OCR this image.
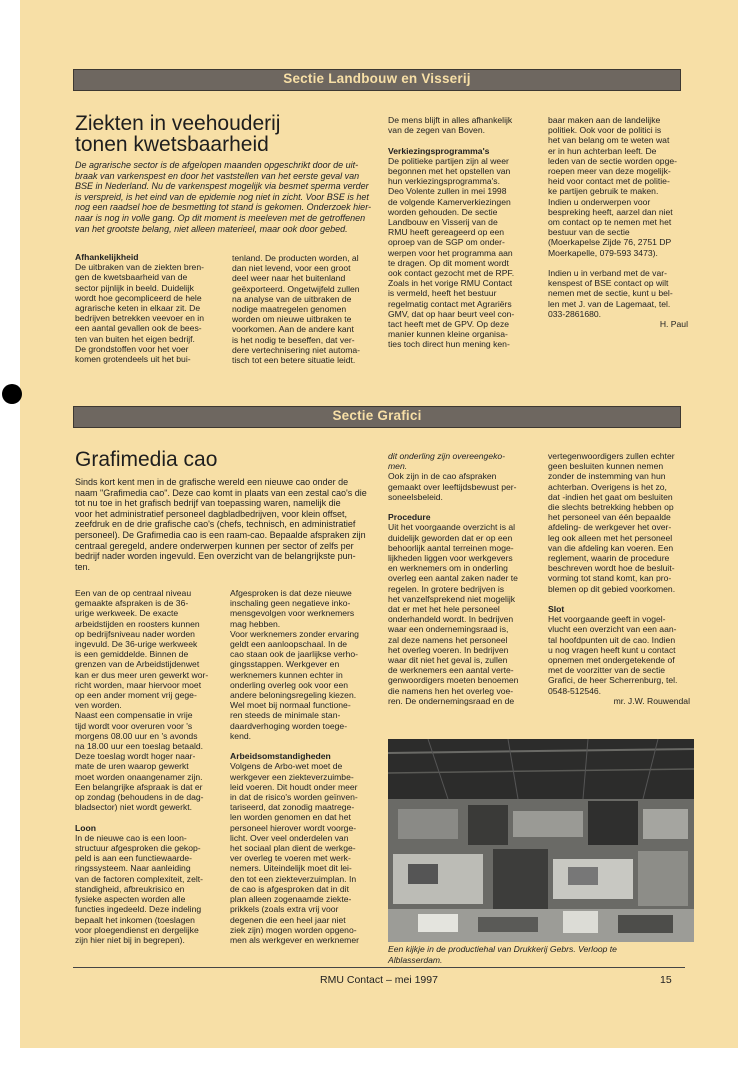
Sectie Landbouw en Visserij
Ziekten in veehouderij
tonen kwetsbaarheid
De agrarische sector is de afgelopen maanden opgeschrikt door de uit-
braak van varkenspest en door het vaststellen van het eerste geval van
BSE in Nederland. Nu de varkenspest mogelijk via besmet sperma verder
is verspreid, is het eind van de epidemie nog niet in zicht. Voor BSE is het
nog een raadsel hoe de besmetting tot stand is gekomen. Onderzoek hier-
naar is nog in volle gang. Op dit moment is meeleven met de getroffenen
van het grootste belang, niet alleen materieel, maar ook door gebed.
Afhankelijkheid
De uitbraken van de ziekten bren-
gen de kwetsbaarheid van de
sector pijnlijk in beeld. Duidelijk
wordt hoe gecompliceerd de hele
agrarische keten in elkaar zit. De
bedrijven betrekken veevoer en in
een aantal gevallen ook de bees-
ten van buiten het eigen bedrijf.
De grondstoffen voor het voer
komen grotendeels uit het bui-
tenland. De producten worden, al
dan niet levend, voor een groot
deel weer naar het buitenland
geëxporteerd. Ongetwijfeld zullen
na analyse van de uitbraken de
nodige maatregelen genomen
worden om nieuwe uitbraken te
voorkomen. Aan de andere kant
is het nodig te beseffen, dat ver-
dere vertechnisering niet automa-
tisch tot een betere situatie leidt.
De mens blijft in alles afhankelijk
van de zegen van Boven.

Verkiezingsprogramma's
De politieke partijen zijn al weer
begonnen met het opstellen van
hun verkiezingsprogramma's.
Deo Volente zullen in mei 1998
de volgende Kamerverkiezingen
worden gehouden. De sectie
Landbouw en Visserij van de
RMU heeft gereageerd op een
oproep van de SGP om onder-
werpen voor het programma aan
te dragen. Op dit moment wordt
ook contact gezocht met de RPF.
Zoals in het vorige RMU Contact
is vermeld, heeft het bestuur
regelmatig contact met Agrariërs
GMV, dat op haar beurt veel con-
tact heeft met de GPV. Op deze
manier kunnen kleine organisa-
ties toch direct hun mening ken-
baar maken aan de landelijke
politiek. Ook voor de politici is
het van belang om te weten wat
er in hun achterban leeft. De
leden van de sectie worden opge-
roepen meer van deze mogelijk-
heid voor contact met de politie-
ke partijen gebruik te maken.
Indien u onderwerpen voor
bespreking heeft, aarzel dan niet
om contact op te nemen met het
bestuur van de sectie
(Moerkapelse Zijde 76, 2751 DP
Moerkapelle, 079-593 3473).

Indien u in verband met de var-
kenspest of BSE contact op wilt
nemen met de sectie, kunt u bel-
len met J. van de Lagemaat, tel.
033-2861680.

H. Paul
Sectie Grafici
Grafimedia cao
Sinds kort kent men in de grafische wereld een nieuwe cao onder de
naam "Grafimedia cao". Deze cao komt in plaats van een zestal cao's die
tot nu toe in het grafisch bedrijf van toepassing waren, namelijk die
voor het administratief personeel dagbladbedrijven, voor klein offset,
zeefdruk en de drie grafische cao's (chefs, technisch, en administratief
personeel). De Grafimedia cao is een raam-cao. Bepaalde afspraken zijn
centraal geregeld, andere onderwerpen kunnen per sector of zelfs per
bedrijf nader worden ingevuld. Een overzicht van de belangrijkste pun-
ten.
Een van de op centraal niveau
gemaakte afspraken is de 36-
urige werkweek. De exacte
arbeidstijden en roosters kunnen
op bedrijfsniveau nader worden
ingevuld. De 36-urige werkweek
is een gemiddelde. Binnen de
grenzen van de Arbeidstijdenwet
kan er dus meer uren gewerkt wor-
richt worden, maar hiervoor moet
op een ander moment vrij gege-
ven worden.
Naast een compensatie in vrije
tijd wordt voor overuren voor 's
morgens 08.00 uur en 's avonds
na 18.00 uur een toeslag betaald.
Deze toeslag wordt hoger naar-
mate de uren waarop gewerkt
moet worden onaangenamer zijn.
Een belangrijke afspraak is dat er
op zondag (behoudens in de dag-
bladsector) niet wordt gewerkt.

Loon
In de nieuwe cao is een loon-
structuur afgesproken die gekop-
peld is aan een functiewaarde-
ringssysteem. Naar aanleiding
van de factoren complexiteit, zelt-
standigheid, afbreukrisico en
fysieke aspecten worden alle
functies ingedeeld. Deze indeling
bepaalt het inkomen (toeslagen
voor ploegendienst en dergelijke
zijn hier niet bij in begrepen).
Afgesproken is dat deze nieuwe
inschaling geen negatieve inko-
mensgevolgen voor werknemers
mag hebben.
Voor werknemers zonder ervaring
geldt een aanloopschaal. In de
cao staan ook de jaarlijkse verho-
gingsstappen. Werkgever en
werknemers kunnen echter in
onderling overleg ook voor een
andere beloningsregeling kiezen.
Wel moet bij normaal functione-
ren steeds de minimale stan-
daardverhoging worden toege-
kend.

Arbeidsomstandigheden
Volgens de Arbo-wet moet de
werkgever een ziekteverzuimbe-
leid voeren. Dit houdt onder meer
in dat de risico's worden geïnven-
tariseerd, dat zonodig maatrege-
len worden genomen en dat het
personeel hierover wordt voorge-
licht. Over veel onderdelen van
het sociaal plan dient de werkge-
ver overleg te voeren met werk-
nemers. Uiteindelijk moet dit lei-
den tot een ziekteverzuimplan. In
de cao is afgesproken dat in dit
plan alleen zogenaamde ziekte-
prikkels (zoals extra vrij voor
degenen die een heel jaar niet
ziek zijn) mogen worden opgeno-
men als werkgever en werknemer
dit onderling zijn overeengeko-
men.
Ook zijn in de cao afspraken
gemaakt over leeftijdsbewust per-
soneelsbeleid.

Procedure
Uit het voorgaande overzicht is al
duidelijk geworden dat er op een
behoorlijk aantal terreinen moge-
lijkheden liggen voor werkgevers
en werknemers om in onderling
overleg een aantal zaken nader te
regelen. In grotere bedrijven is
het vanzelfsprekend niet mogelijk
dat er met het hele personeel
onderhandeld wordt. In bedrijven
waar een ondernemingsraad is,
zal deze namens het personeel
het overleg voeren. In bedrijven
waar dit niet het geval is, zullen
de werknemers een aantal verte-
genwoordigers moeten benoemen
die namens hen het overleg voe-
ren. De ondernemingsraad en de
vertegenwoordigers zullen echter
geen besluiten kunnen nemen
zonder de instemming van hun
achterban. Overigens is het zo,
dat -indien het gaat om besluiten
die slechts betrekking hebben op
het personeel van één bepaalde
afdeling- de werkgever het over-
leg ook alleen met het personeel
van die afdeling kan voeren. Een
reglement, waarin de procedure
beschreven wordt hoe de besluit-
vorming tot stand komt, kan pro-
blemen op dit gebied voorkomen.

Slot
Het voorgaande geeft in vogel-
vlucht een overzicht van een aan-
tal hoofdpunten uit de cao. Indien
u nog vragen heeft kunt u contact
opnemen met ondergetekende of
met de voorzitter van de sectie
Grafici, de heer Scherrenburg, tel.
0548-512546.

mr. J.W. Rouwendal
Een kijkje in de productiehal van Drukkerij Gebrs. Verloop te
Alblasserdam.
RMU Contact – mei 1997	15
